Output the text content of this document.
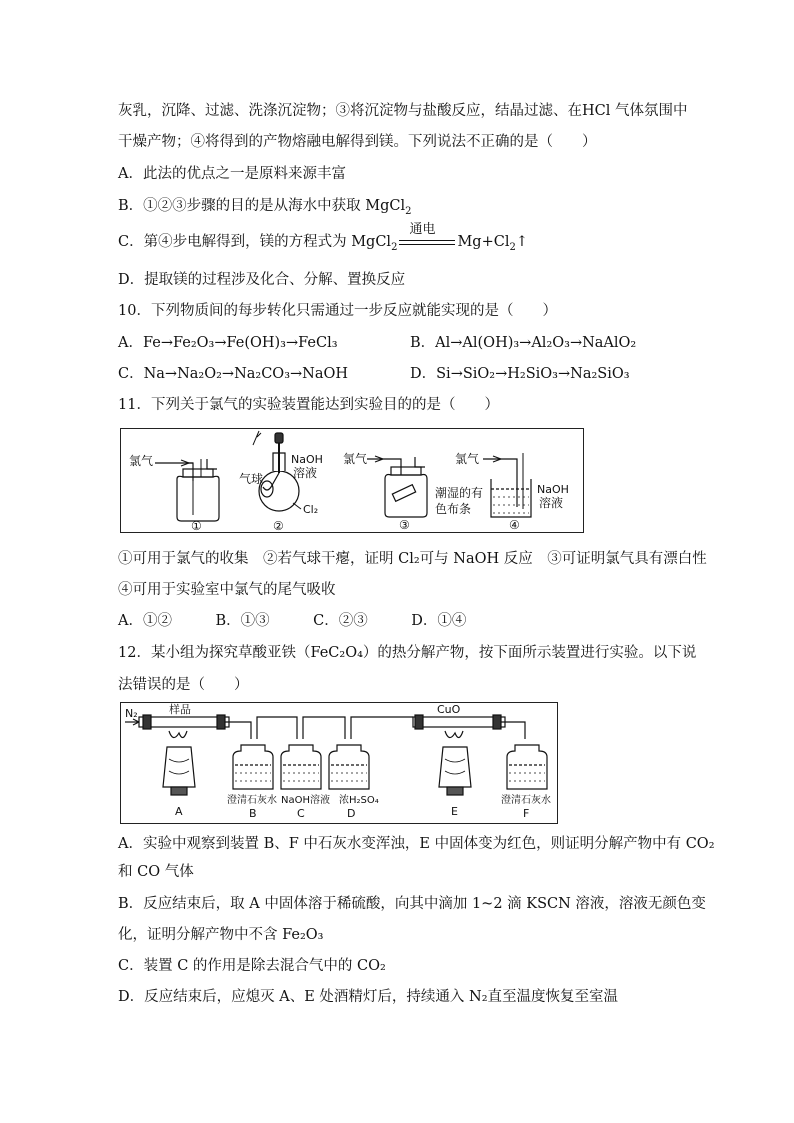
灰乳，沉降、过滤、洗涤沉淀物；③将沉淀物与盐酸反应，结晶过滤、在HCl 气体氛围中
干燥产物；④将得到的产物熔融电解得到镁。下列说法不正确的是（　　）
A．此法的优点之一是原料来源丰富
B．①②③步骤的目的是从海水中获取 MgCl$_2$
C．第④步电解得到，镁的方程式为 MgCl$_2$
通电
$Mg+Cl_2↑$
D．提取镁的过程涉及化合、分解、置换反应
10．下列物质间的每步转化只需通过一步反应就能实现的是（　　）
A．Fe→Fe₂O₃→Fe(OH)₃→FeCl₃	B．Al→Al(OH)₃→Al₂O₃→NaAlO₂
C．Na→Na₂O₂→Na₂CO₃→NaOH	D．Si→SiO₂→H₂SiO₃→Na₂SiO₃
11．下列关于氯气的实验装置能达到实验目的的是（　　）
氯气
①
气球
NaOH
溶液
Cl₂
②
氯气
潮湿的有
色布条
③
氯气
NaOH
溶液
④
①可用于氯气的收集　②若气球干瘪，证明 Cl₂可与 NaOH 反应　③可证明氯气具有漂白性
④可用于实验室中氯气的尾气吸收
A．①②　　　B．①③　　　C．②③　　　D．①④
12．某小组为探究草酸亚铁（FeC₂O₄）的热分解产物，按下面所示装置进行实验。以下说
法错误的是（　　）
N₂	样品
A
澄清石灰水
B
NaOH溶液
C
浓H₂SO₄
D
CuO
E
澄清石灰水
F
A．实验中观察到装置 B、F 中石灰水变浑浊，E 中固体变为红色，则证明分解产物中有 CO₂
和 CO 气体
B．反应结束后，取 A 中固体溶于稀硫酸，向其中滴加 1~2 滴 KSCN 溶液，溶液无颜色变
化，证明分解产物中不含 Fe₂O₃
C．装置 C 的作用是除去混合气中的 CO₂
D．反应结束后，应熄灭 A、E 处酒精灯后，持续通入 N₂直至温度恢复至室温
